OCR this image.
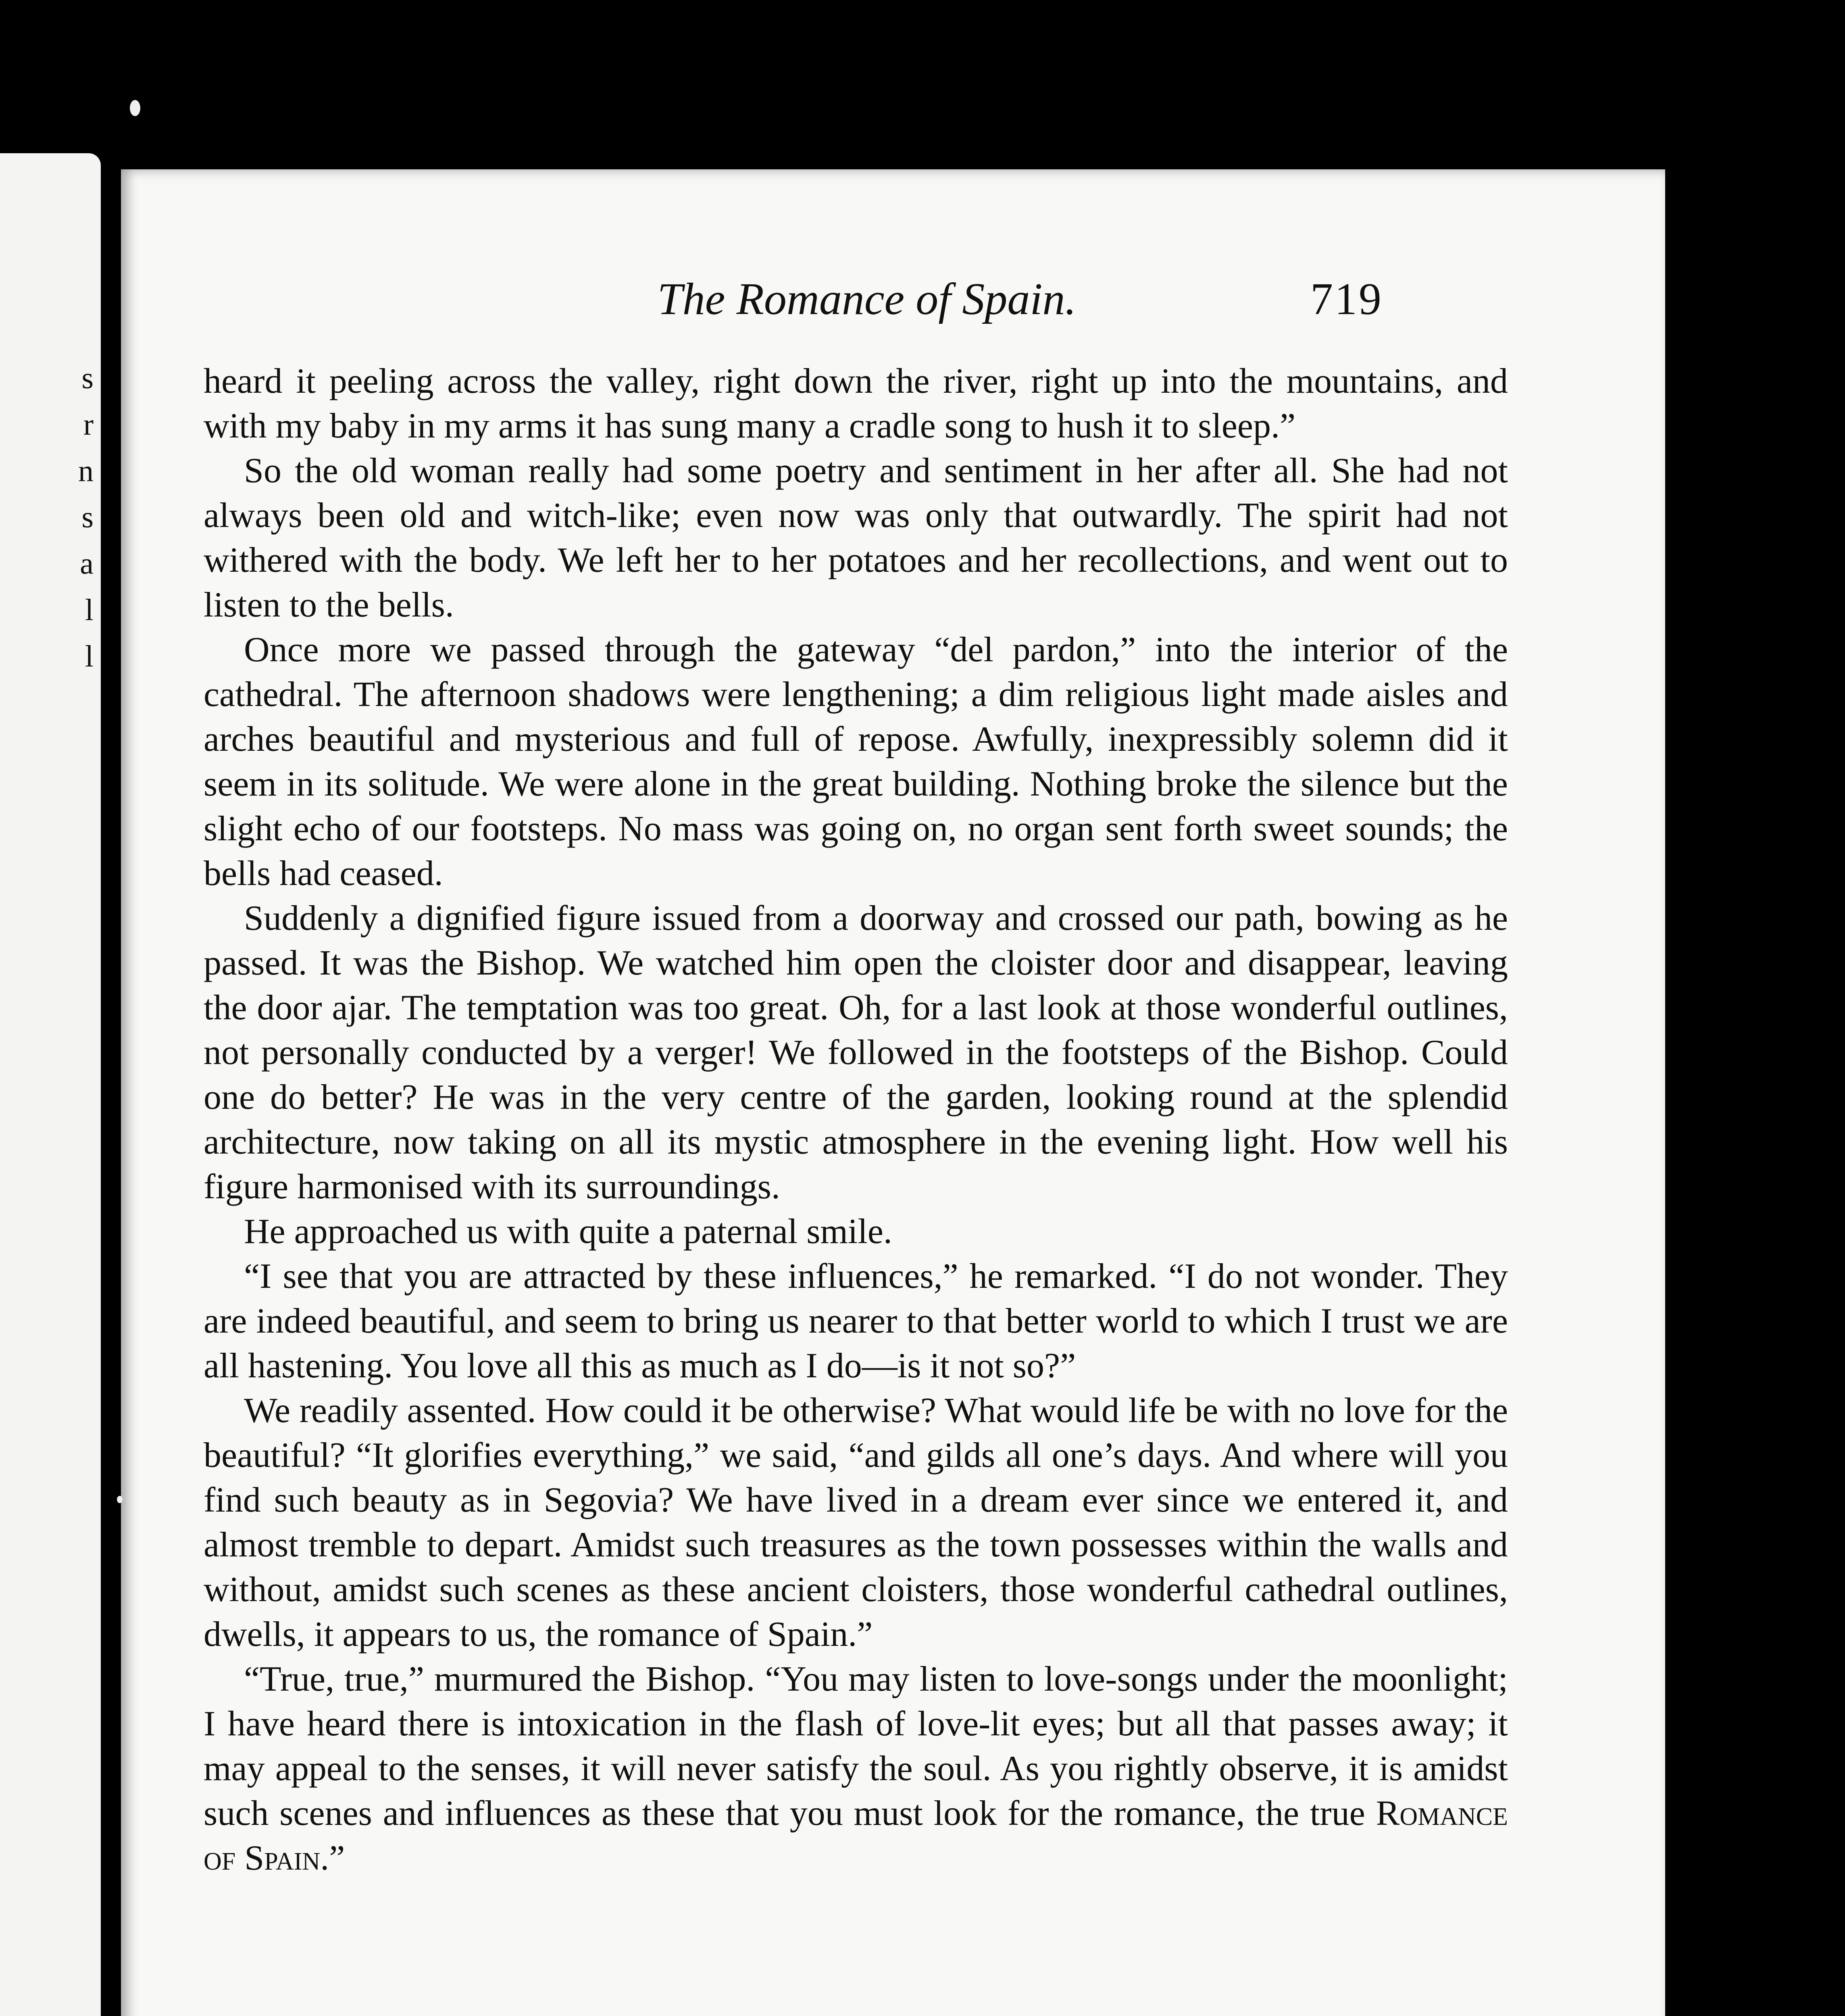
s
r
n
s
a
l
l
The Romance of Spain.	719

heard it peeling across the valley, right down the river, right up into the mountains, and with my baby in my arms it has sung many a cradle song to hush it to sleep.”

So the old woman really had some poetry and sentiment in her after all. She had not always been old and witch-like; even now was only that outwardly. The spirit had not withered with the body. We left her to her potatoes and her recollections, and went out to listen to the bells.

Once more we passed through the gateway “del pardon,” into the interior of the cathedral. The afternoon shadows were lengthening; a dim religious light made aisles and arches beautiful and mysterious and full of repose. Awfully, inexpressibly solemn did it seem in its solitude. We were alone in the great building. Nothing broke the silence but the slight echo of our footsteps. No mass was going on, no organ sent forth sweet sounds; the bells had ceased.

Suddenly a dignified figure issued from a doorway and crossed our path, bowing as he passed. It was the Bishop. We watched him open the cloister door and disappear, leaving the door ajar. The temptation was too great. Oh, for a last look at those wonderful outlines, not personally conducted by a verger! We followed in the footsteps of the Bishop. Could one do better? He was in the very centre of the garden, looking round at the splendid architecture, now taking on all its mystic atmosphere in the evening light. How well his figure harmonised with its surroundings.

He approached us with quite a paternal smile.

“I see that you are attracted by these influences,” he remarked. “I do not wonder. They are indeed beautiful, and seem to bring us nearer to that better world to which I trust we are all hastening. You love all this as much as I do—is it not so?”

We readily assented. How could it be otherwise? What would life be with no love for the beautiful? “It glorifies everything,” we said, “and gilds all one’s days. And where will you find such beauty as in Segovia? We have lived in a dream ever since we entered it, and almost tremble to depart. Amidst such treasures as the town possesses within the walls and without, amidst such scenes as these ancient cloisters, those wonderful cathedral outlines, dwells, it appears to us, the romance of Spain.”

“True, true,” murmured the Bishop. “You may listen to love-songs under the moonlight; I have heard there is intoxication in the flash of love-lit eyes; but all that passes away; it may appeal to the senses, it will never satisfy the soul. As you rightly observe, it is amidst such scenes and influences as these that you must look for the romance, the true Romance of Spain.”
